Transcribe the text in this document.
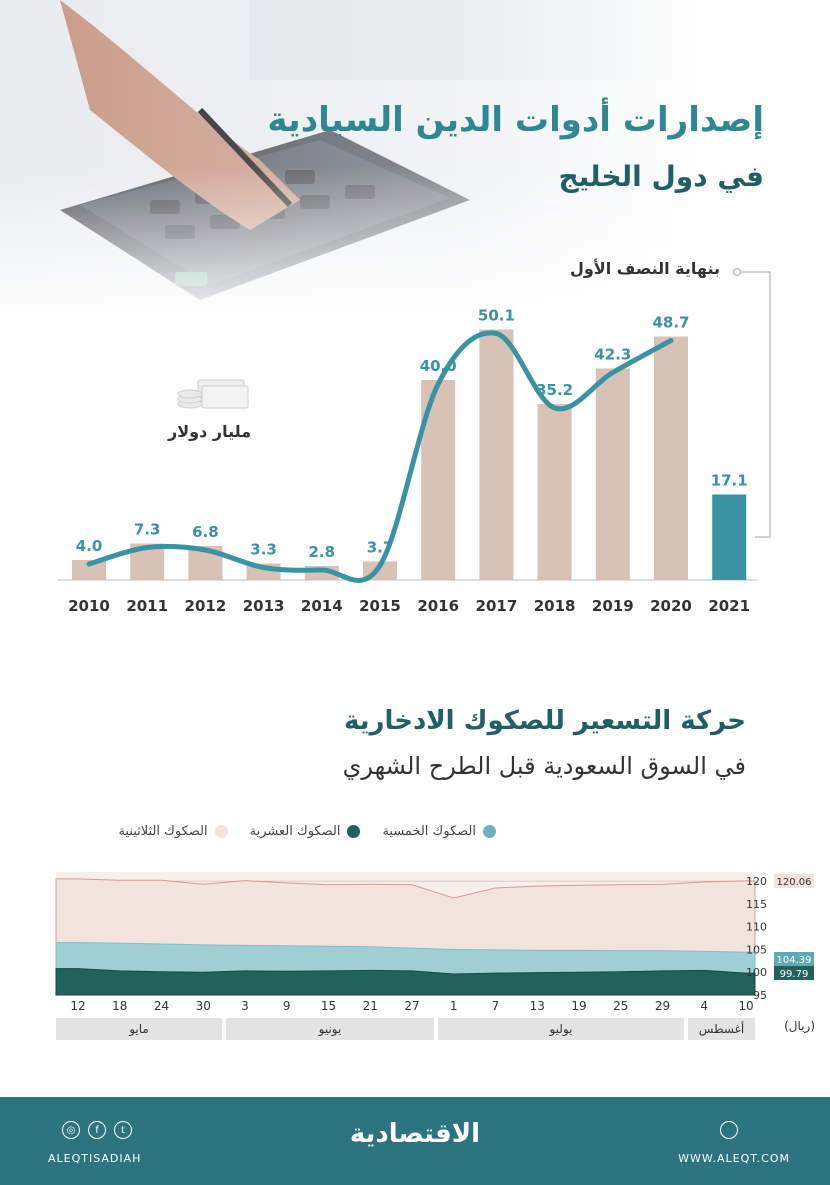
إصدارات أدوات الدين السيادية
في دول الخليج
بنهاية النصف الأول
مليار دولار
4.0
7.3 6.8
3.3 2.8 3.7
40.0
50.1
35.2
42.3
48.7
17.1
2010 2011 2012 2013 2014 2015 2016 2017 2018 2019 2020 2021
حركة التسعير للصكوك الادخارية
في السوق السعودية قبل الطرح الشهري
الصكوك الخمسية
الصكوك العشرية
الصكوك الثلاثينية
95
100
105
110
115
120 120.06
104.39
99.79
12 18 24 30	3	9	15 21 27	1	7	13 19 25 29	4	10
مايو	يونيو	يوليو	أغسطس	(ريال)
◎	f	t
ALEQTISADIAH
الاقتصادية
WWW.ALEQT.COM
